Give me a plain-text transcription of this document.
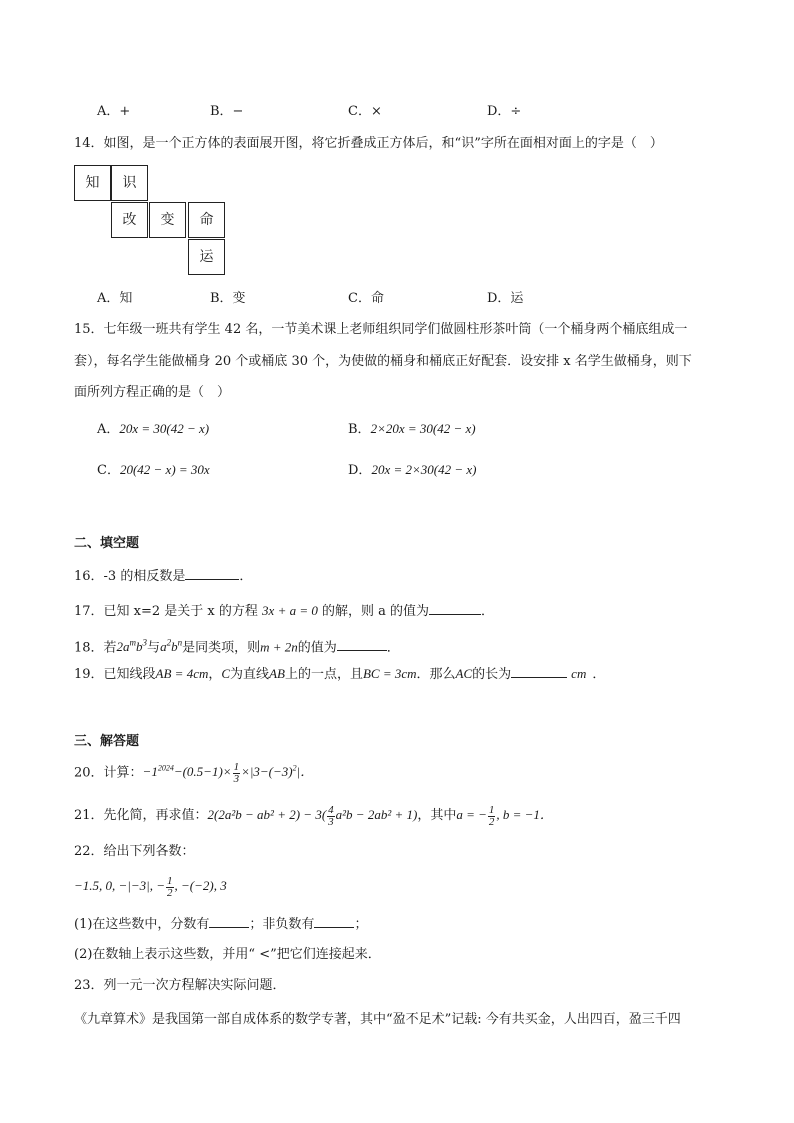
A．+	B．−	C．×	D．÷
14．如图，是一个正方体的表面展开图，将它折叠成正方体后，和“识”字所在面相对面上的字是（　）
知	识
改	变	命
运
A．知	B．变	C．命	D．运
15．七年级一班共有学生 42 名，一节美术课上老师组织同学们做圆柱形茶叶筒（一个桶身两个桶底组成一
套），每名学生能做桶身 20 个或桶底 30 个，为使做的桶身和桶底正好配套．设安排 x 名学生做桶身，则下
面所列方程正确的是（　）
A．20x = 30(42 − x)	B．2×20x = 30(42 − x)
C．20(42 − x) = 30x	D．20x = 2×30(42 − x)
二、填空题
16．-3 的相反数是	．
17．已知 x=2 是关于 x 的方程 3x + a = 0 的解，则 a 的值为	．
18．若$2a^mb^3$与$a^2b^n$是同类项，则m + 2n的值为	．
19．已知线段AB = 4cm，C为直线AB上的一点，且BC = 3cm．那么AC的长为	cm ．
三、解答题
20．计算：$-1^{2024}-(0.5-1)\times \frac{1}{3} \times|3-(-3)^2|$．
21．先化简，再求值：$2(2a^2b - ab^2 + 2) - 3( \frac{4}{3} a^2b - 2ab^2 + 1)$，其中a = − $\frac{1}{2}$ , b = −1．
22．给出下列各数：
−1.5, 0, −|−3|, − $\frac{1}{2}$ , −(−2), 3
(1)在这些数中，分数有	；非负数有	；
(2)在数轴上表示这些数，并用“ <”把它们连接起来．
23．列一元一次方程解决实际问题．
《九章算术》是我国第一部自成体系的数学专著，其中“盈不足术”记载: 今有共买金，人出四百，盈三千四
